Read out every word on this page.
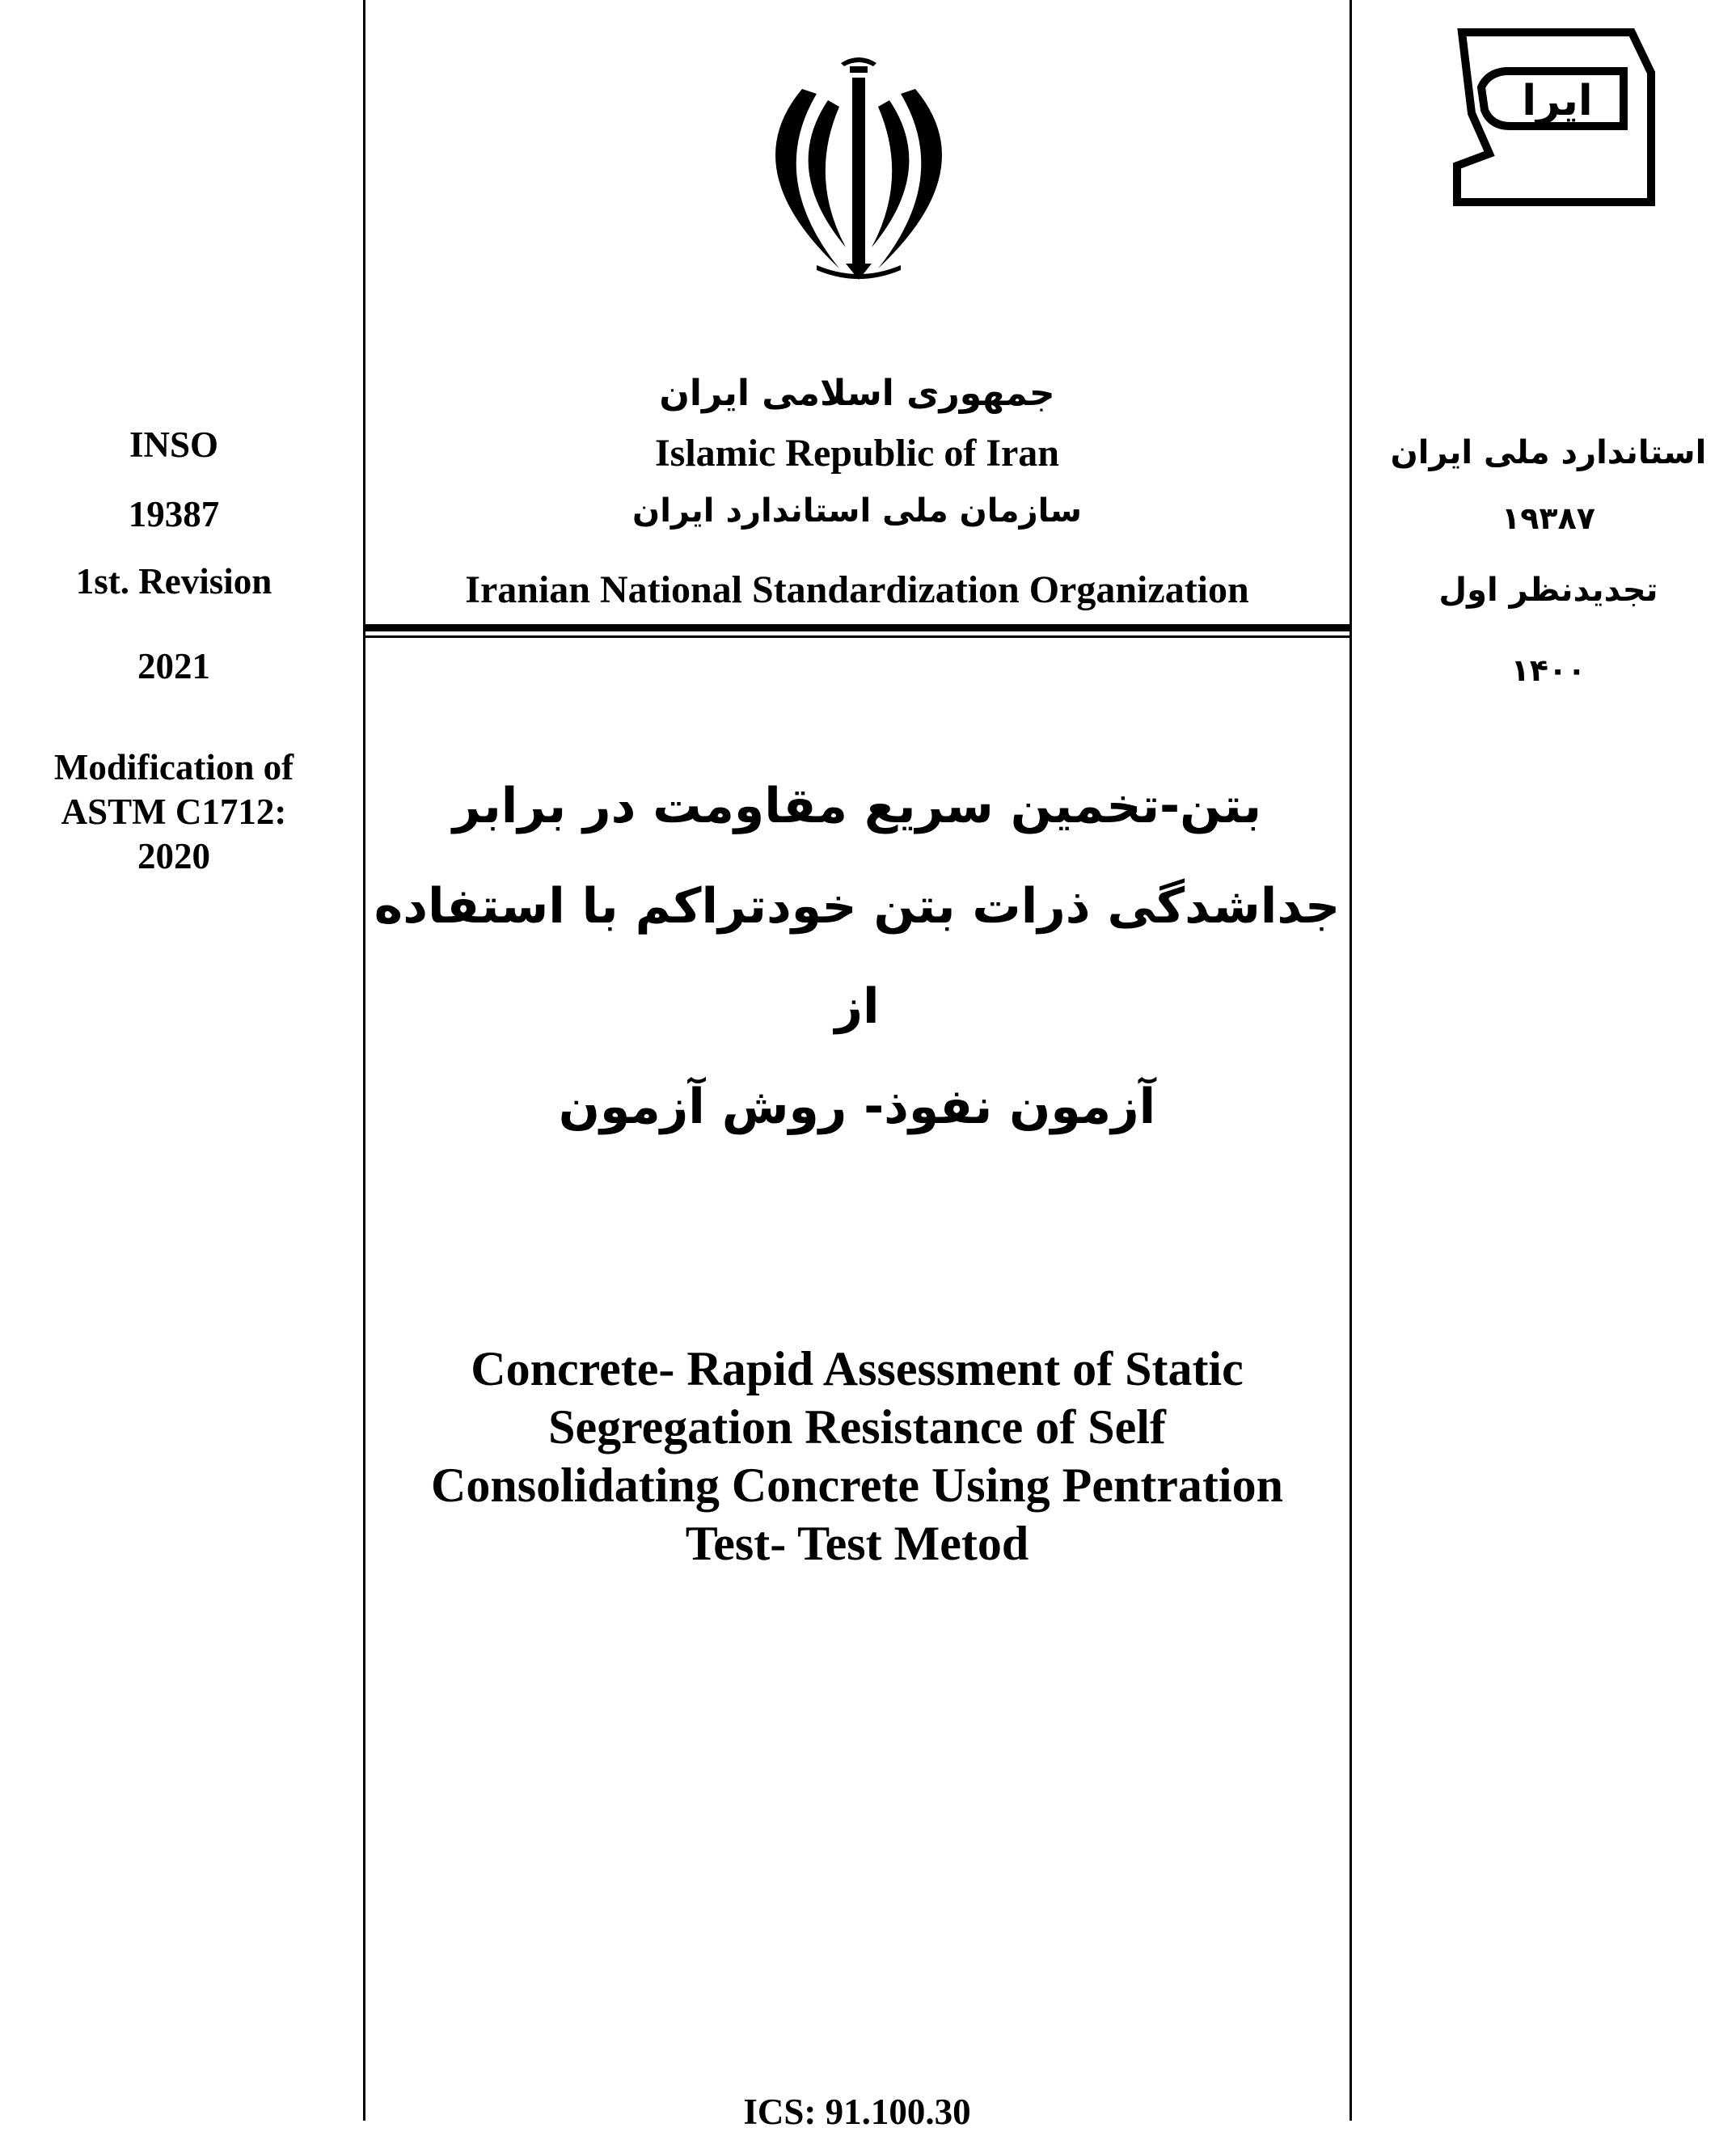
ایرا
جمهوری اسلامی ایران
Islamic Republic of Iran
سازمان ملی استاندارد ایران
Iranian National Standardization Organization
INSO
19387
1st. Revision
2021
Modification of
ASTM C1712:
2020
استاندارد ملی ایران
۱۹۳۸۷
تجدیدنظر اول
۱۴۰۰
بتن-تخمین سریع مقاومت در برابر
جداشدگی ذرات بتن خودتراکم با استفاده از
آزمون نفوذ- روش آزمون
Concrete- Rapid Assessment of Static
Segregation Resistance of Self
Consolidating Concrete Using Pentration
Test- Test Metod
ICS: 91.100.30
